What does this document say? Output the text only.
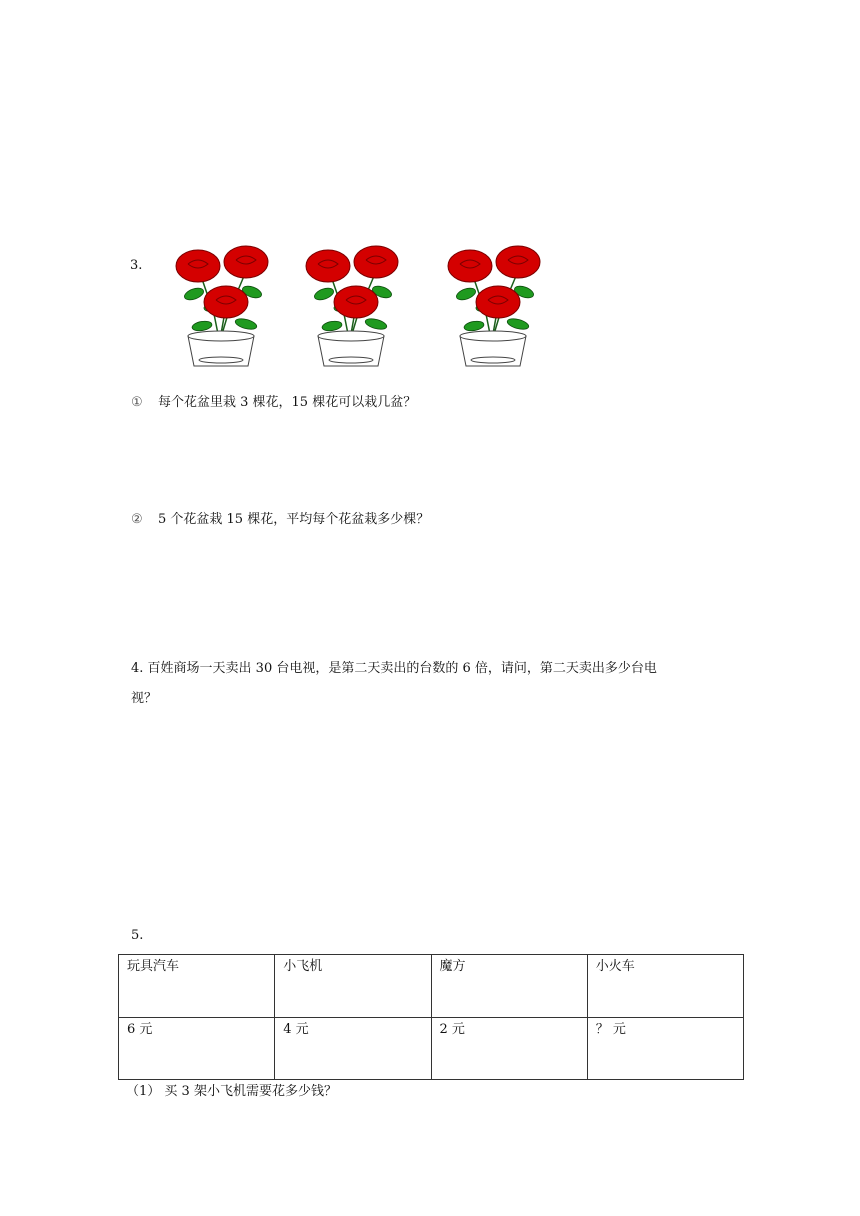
3.
① 每个花盆里栽 3 棵花，15 棵花可以栽几盆？
② 5 个花盆栽 15 棵花，平均每个花盆栽多少棵？
4. 百姓商场一天卖出 30 台电视，是第二天卖出的台数的 6 倍，请问，第二天卖出多少台电
视？
5.
玩具汽车	小飞机	魔方	小火车
6 元	4 元	2 元	？ 元
（1） 买 3 架小飞机需要花多少钱？
